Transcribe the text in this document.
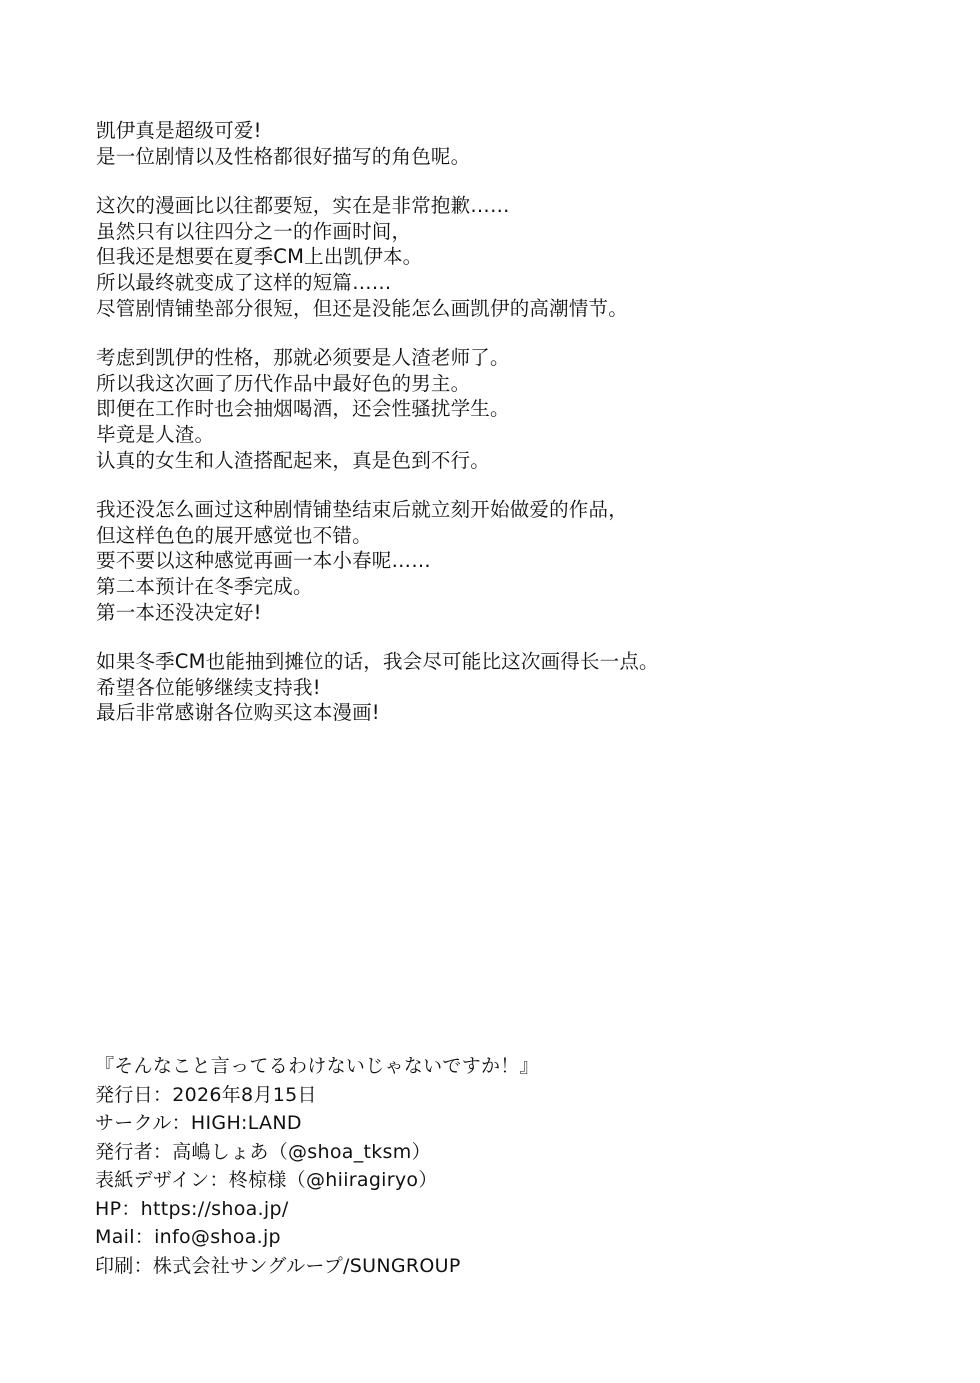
凯伊真是超级可爱!
是一位剧情以及性格都很好描写的角色呢。
这次的漫画比以往都要短，实在是非常抱歉……
虽然只有以往四分之一的作画时间，
但我还是想要在夏季CM上出凯伊本。
所以最终就变成了这样的短篇……
尽管剧情铺垫部分很短，但还是没能怎么画凯伊的高潮情节。
考虑到凯伊的性格，那就必须要是人渣老师了。
所以我这次画了历代作品中最好色的男主。
即便在工作时也会抽烟喝酒，还会性骚扰学生。
毕竟是人渣。
认真的女生和人渣搭配起来，真是色到不行。
我还没怎么画过这种剧情铺垫结束后就立刻开始做爱的作品，
但这样色色的展开感觉也不错。
要不要以这种感觉再画一本小春呢……
第二本预计在冬季完成。
第一本还没决定好!
如果冬季CM也能抽到摊位的话，我会尽可能比这次画得长一点。
希望各位能够继续支持我!
最后非常感谢各位购买这本漫画!
『そんなこと言ってるわけないじゃないですか！』
発行日：2026年8月15日
サークル：HIGH:LAND
発行者：高嶋しょあ（@shoa_tksm）
表紙デザイン：柊椋様（@hiiragiryo）
HP：https://shoa.jp/
Mail：info@shoa.jp
印刷：株式会社サングループ/SUNGROUP
